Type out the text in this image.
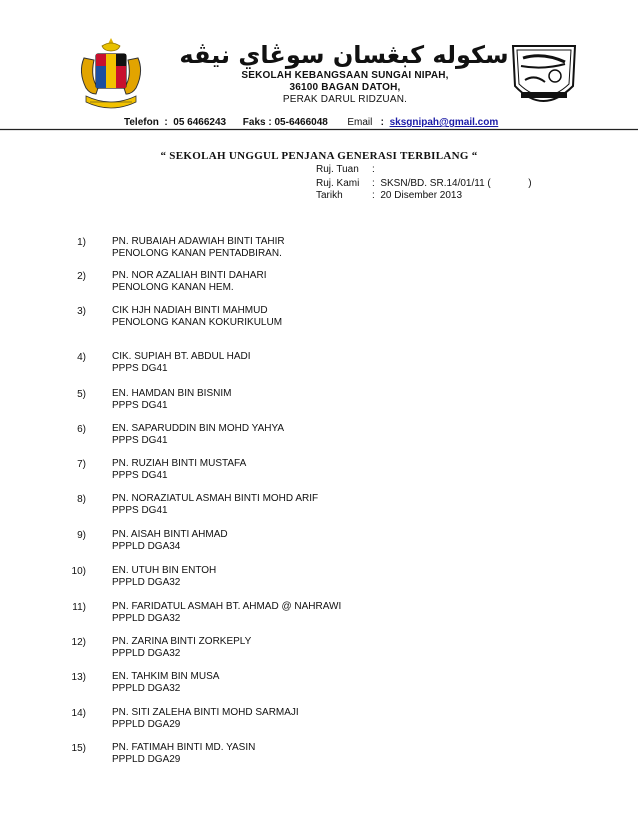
سكوله كبڠسان سوڠاي نيڤه
SEKOLAH KEBANGSAAN SUNGAI NIPAH,
36100 BAGAN DATOH,
PERAK DARUL RIDZUAN.
Telefon  :  05 6466243 Faks : 05-6466048 Email   :  sksgnipah@gmail.com
“ SEKOLAH UNGGUL PENJANA GENERASI TERBILANG “
Ruj. Tuan :
Ruj. Kami :  SKSN/BD. SR.14/01/11 (	)
Tarikh	:  20 Disember 2013
1)	PN. RUBAIAH ADAWIAH BINTI TAHIR
PENOLONG KANAN PENTADBIRAN.
2)	PN. NOR AZALIAH BINTI DAHARI
PENOLONG KANAN HEM.
3)	CIK HJH NADIAH BINTI MAHMUD
PENOLONG KANAN KOKURIKULUM
4)	CIK. SUPIAH BT. ABDUL HADI
PPPS DG41
5)	EN. HAMDAN BIN BISNIM
PPPS DG41
6)	EN. SAPARUDDIN BIN MOHD YAHYA
PPPS DG41
7)	PN. RUZIAH BINTI MUSTAFA
PPPS DG41
8)	PN. NORAZIATUL ASMAH BINTI MOHD ARIF
PPPS DG41
9)	PN. AISAH BINTI AHMAD
PPPLD DGA34
10)	EN. UTUH BIN ENTOH
PPPLD DGA32
11)	PN. FARIDATUL ASMAH BT. AHMAD @ NAHRAWI
PPPLD DGA32
12)	PN. ZARINA BINTI ZORKEPLY
PPPLD DGA32
13)	EN. TAHKIM BIN MUSA
PPPLD DGA32
14)	PN. SITI ZALEHA BINTI MOHD SARMAJI
PPPLD DGA29
15)	PN. FATIMAH BINTI MD. YASIN
PPPLD DGA29
